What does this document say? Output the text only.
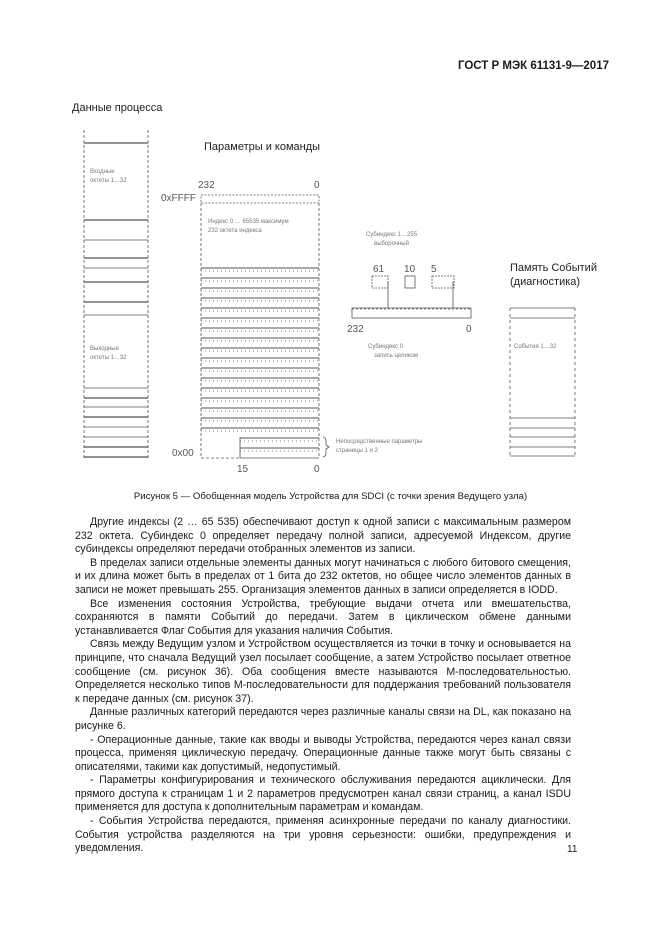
ГОСТ Р МЭК 61131-9—2017
Данные процесса
Входные
октеты 1…32
Выходные
октеты 1…32
Параметры и команды
232	0
0xFFFF
Индекс 0 … 65535 максимум
232 октета индекса
0x00
15	0
Непосредственные параметры
страницы 1 и 2
Субиндекс 1…255
выборочный
61 10 5
232	0
Субиндекс 0
запись целиком
Память Событий
(диагностика)
События 1…32
Рисунок 5 — Обобщенная модель Устройства для SDCI (с точки зрения Ведущего узла)

Другие индексы (2 … 65 535) обеспечивают доступ к одной записи с максимальным размером 232 октета. Субиндекс 0 определяет передачу полной записи, адресуемой Индексом, другие субиндексы определяют передачи отобранных элементов из записи.

В пределах записи отдельные элементы данных могут начинаться с любого битового смещения, и их длина может быть в пределах от 1 бита до 232 октетов, но общее число элементов данных в записи не может превышать 255. Организация элементов данных в записи определяется в IODD.

Все изменения состояния Устройства, требующие выдачи отчета или вмешательства, сохраняются в памяти Событий до передачи. Затем в циклическом обмене данными устанавливается Флаг События для указания наличия События.

Связь между Ведущим узлом и Устройством осуществляется из точки в точку и основывается на принципе, что сначала Ведущий узел посылает сообщение, а затем Устройство посылает ответное сообщение (см. рисунок 36). Оба сообщения вместе называются М-последовательностью. Определяется несколько типов М-последовательности для поддержания требований пользователя к передаче данных (см. рисунок 37).

Данные различных категорий передаются через различные каналы связи на DL, как показано на рисунке 6.

- Операционные данные, такие как вводы и выводы Устройства, передаются через канал связи процесса, применяя циклическую передачу. Операционные данные также могут быть связаны с описателями, такими как допустимый, недопустимый.

- Параметры конфигурирования и технического обслуживания передаются ациклически. Для прямого доступа к страницам 1 и 2 параметров предусмотрен канал связи страниц, а канал ISDU применяется для доступа к дополнительным параметрам и командам.

- События Устройства передаются, применяя асинхронные передачи по каналу диагностики. События устройства разделяются на три уровня серьезности: ошибки, предупреждения и уведомления.	11
